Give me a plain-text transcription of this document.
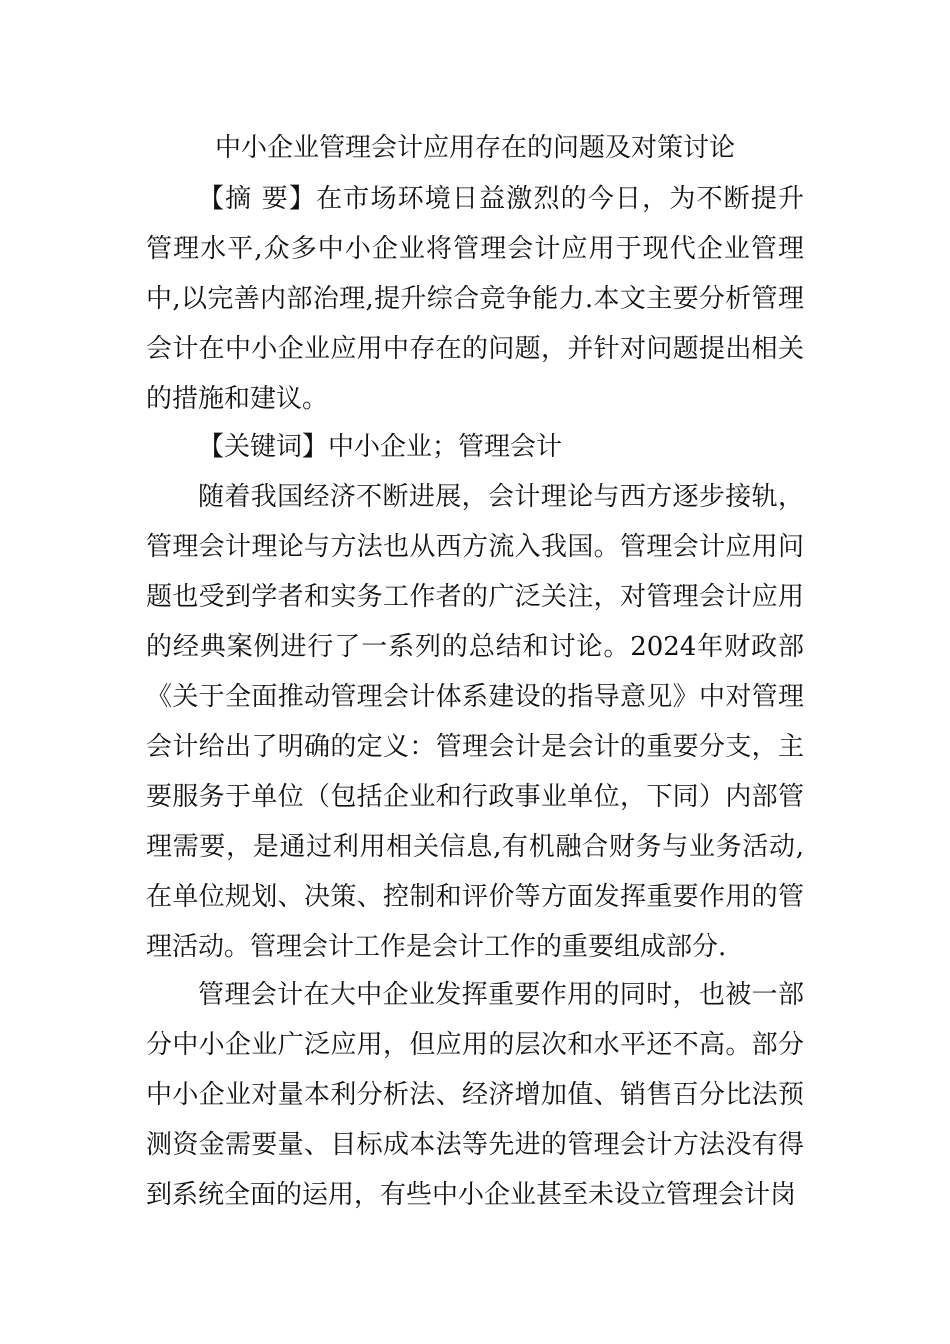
中小企业管理会计应用存在的问题及对策讨论

【摘 要】在市场环境日益激烈的今日，为不断提升管理水平,众多中小企业将管理会计应用于现代企业管理中,以完善内部治理,提升综合竞争能力.本文主要分析管理会计在中小企业应用中存在的问题，并针对问题提出相关的措施和建议。

【关键词】中小企业；管理会计

随着我国经济不断进展，会计理论与西方逐步接轨，管理会计理论与方法也从西方流入我国。管理会计应用问题也受到学者和实务工作者的广泛关注，对管理会计应用的经典案例进行了一系列的总结和讨论。2024年财政部《关于全面推动管理会计体系建设的指导意见》中对管理会计给出了明确的定义：管理会计是会计的重要分支，主要服务于单位（包括企业和行政事业单位，下同）内部管理需要，是通过利用相关信息,有机融合财务与业务活动,在单位规划、决策、控制和评价等方面发挥重要作用的管理活动。管理会计工作是会计工作的重要组成部分.

管理会计在大中企业发挥重要作用的同时，也被一部分中小企业广泛应用，但应用的层次和水平还不高。部分中小企业对量本利分析法、经济增加值、销售百分比法预测资金需要量、目标成本法等先进的管理会计方法没有得到系统全面的运用，有些中小企业甚至未设立管理会计岗
